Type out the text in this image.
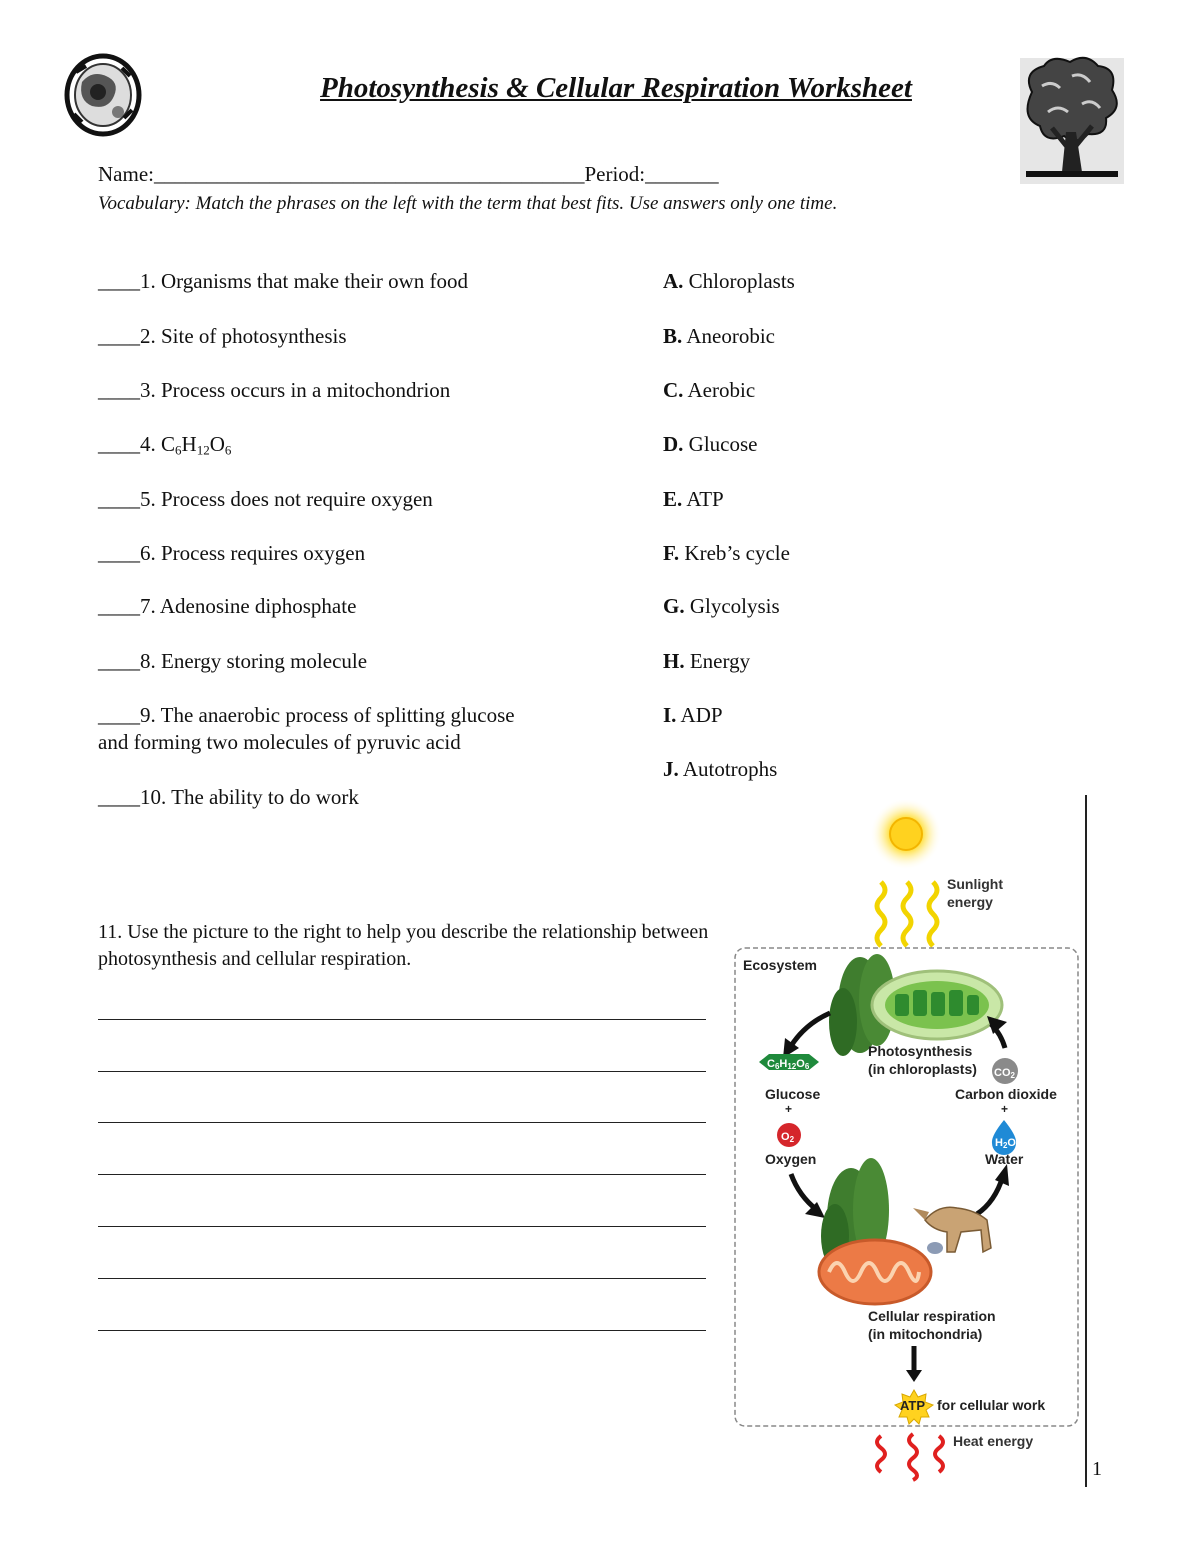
Photosynthesis & Cellular Respiration Worksheet
Name:_________________________________________Period:_______
Vocabulary: Match the phrases on the left with the term that best fits. Use answers only one time.
____1. Organisms that make their own food
____2. Site of photosynthesis
____3. Process occurs in a mitochondrion
____4. $C_6H_{12}O_6$
____5. Process does not require oxygen
____6. Process requires oxygen
____7. Adenosine diphosphate
____8. Energy storing molecule
____9. The anaerobic process of splitting glucose
and forming two molecules of pyruvic acid
____10. The ability to do work
A. Chloroplasts
B. Aneorobic
C. Aerobic
D. Glucose
E. ATP
F. Kreb’s cycle
G. Glycolysis
H. Energy
I. ADP
J. Autotrophs
11. Use the picture to the right to help you describe the relationship between photosynthesis and cellular respiration.
1
Sunlight
energy
Ecosystem
Photosynthesis
(in chloroplasts)
C6H12O6
Glucose
+
O2
Oxygen
CO2
Carbon dioxide
+
H2O
Water
Cellular respiration
(in mitochondria)
ATP for cellular work
Heat energy
